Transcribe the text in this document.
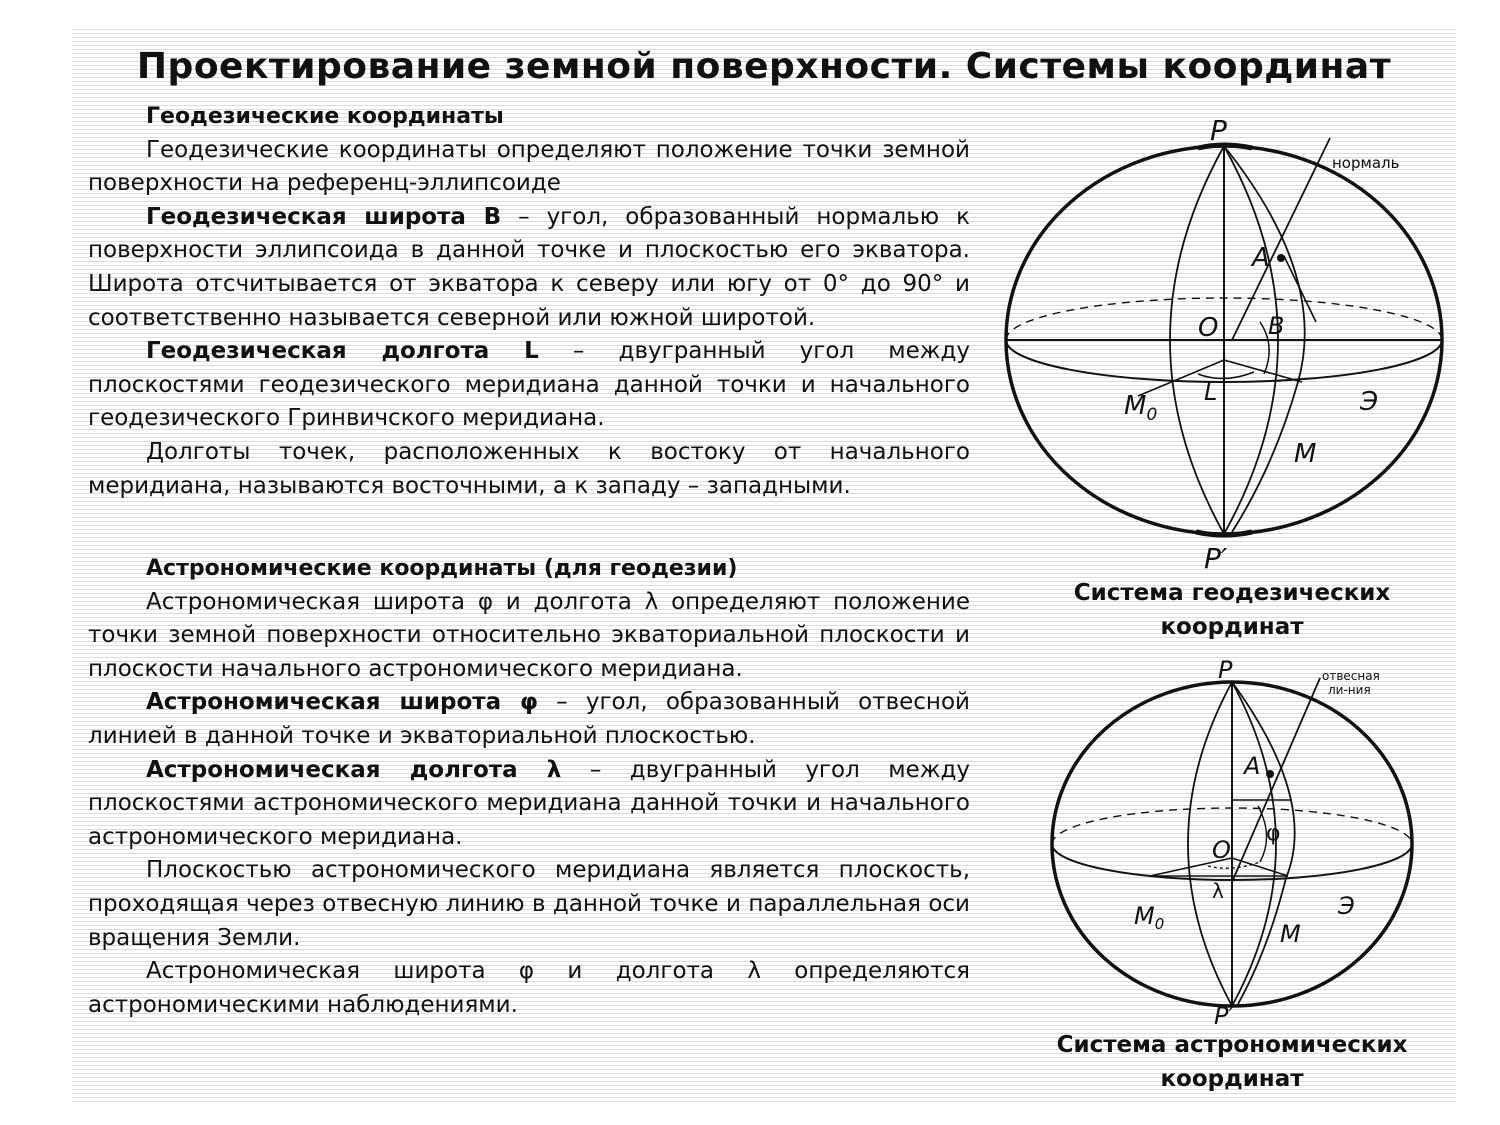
Проектирование земной поверхности. Системы координат

Геодезические координаты

Геодезические координаты определяют положение точки земной поверхности на референц-эллипсоиде

Геодезическая широта B – угол, образованный нормалью к поверхности эллипсоида в данной точке и плоскостью его экватора. Широта отсчитывается от экватора к северу или югу от 0° до 90° и соответственно называется северной или южной широтой.

Геодезическая долгота L – двугранный угол между плоскостями геодезического меридиана данной точки и начального геодезического Гринвичского меридиана.

Долготы точек, расположенных к востоку от начального меридиана, называются восточными, а к западу – западными.

Астрономические координаты (для геодезии)

Астрономическая широта φ и долгота λ определяют положение точки земной поверхности относительно экваториальной плоскости и плоскости начального астрономического меридиана.

Астрономическая широта φ – угол, образованный отвесной линией в данной точке и экваториальной плоскостью.

Астрономическая долгота λ – двугранный угол между плоскостями астрономического меридиана данной точки и начального астрономического меридиана.

Плоскостью астрономического меридиана является плоскость, проходящая через отвесную линию в данной точке и параллельная оси вращения Земли.

Астрономическая широта φ и долгота λ определяются астрономическими наблюдениями.

P
нормаль
A
O B
L
$M_0$
M
Э
P′
Система геодезических
координат
P	отвесная
ли-ния
A
O
φ
λ
$M_0$	M
Э
P′
Система астрономических
координат
